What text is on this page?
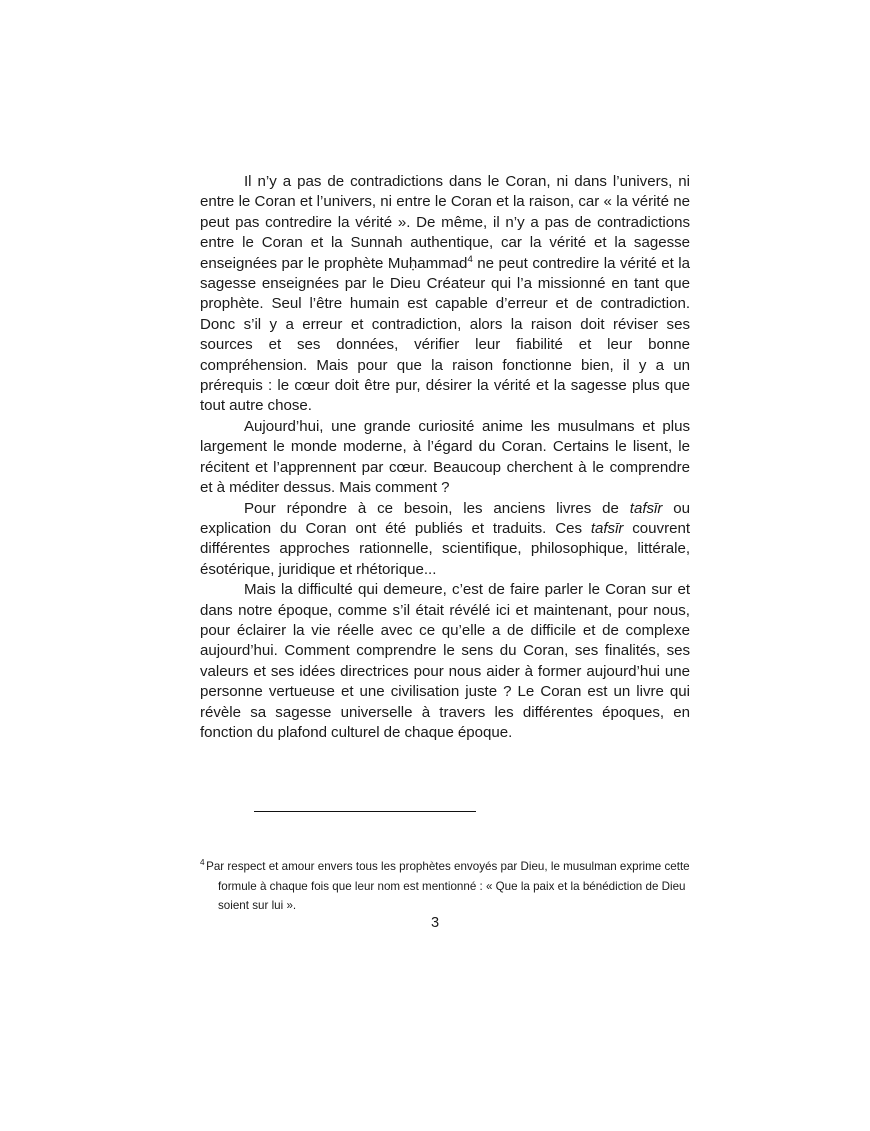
Il n’y a pas de contradictions dans le Coran, ni dans l’univers, ni entre le Coran et l’univers, ni entre le Coran et la raison, car « la vérité ne peut pas contredire la vérité ». De même, il n’y a pas de contradictions entre le Coran et la Sunnah authentique, car la vérité et la sagesse enseignées par le prophète Muḥammad$^4$ ne peut contredire la vérité et la sagesse enseignées par le Dieu Créateur qui l’a missionné en tant que prophète. Seul l’être humain est capable d’erreur et de contradiction. Donc s’il y a erreur et contradiction, alors la raison doit réviser ses sources et ses données, vérifier leur fiabilité et leur bonne compréhension. Mais pour que la raison fonctionne bien, il y a un prérequis : le cœur doit être pur, désirer la vérité et la sagesse plus que tout autre chose.

Aujourd’hui, une grande curiosité anime les musulmans et plus largement le monde moderne, à l’égard du Coran. Certains le lisent, le récitent et l’apprennent par cœur. Beaucoup cherchent à le comprendre et à méditer dessus. Mais comment ?

Pour répondre à ce besoin, les anciens livres de tafsīr ou explication du Coran ont été publiés et traduits. Ces tafsīr couvrent différentes approches rationnelle, scientifique, philosophique, littérale, ésotérique, juridique et rhétorique...

Mais la difficulté qui demeure, c’est de faire parler le Coran sur et dans notre époque, comme s’il était révélé ici et maintenant, pour nous, pour éclairer la vie réelle avec ce qu’elle a de difficile et de complexe aujourd’hui. Comment comprendre le sens du Coran, ses finalités, ses valeurs et ses idées directrices pour nous aider à former aujourd’hui une personne vertueuse et une civilisation juste ? Le Coran est un livre qui révèle sa sagesse universelle à travers les différentes époques, en fonction du plafond culturel de chaque époque.

$^4$ Par respect et amour envers tous les prophètes envoyés par Dieu, le musulman exprime cette formule à chaque fois que leur nom est mentionné : « Que la paix et la bénédiction de Dieu soient sur lui ».

3
